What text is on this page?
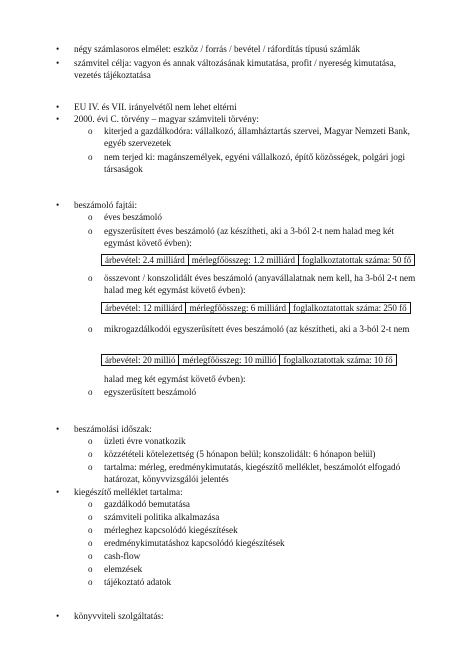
• négy számlasoros elmélet: eszköz / forrás / bevétel / ráfordítás típusú számlák
• számvitel célja: vagyon és annak változásának kimutatása, profit / nyereség kimutatása,
vezetés tájékoztatása
• EU IV. és VII. irányelvétől nem lehet eltérni
• 2000. évi C. törvény – magyar számviteli törvény:
o kiterjed a gazdálkodóra: vállalkozó, államháztartás szervei, Magyar Nemzeti Bank,
egyéb szervezetek
o nem terjed ki: magánszemélyek, egyéni vállalkozó, építő közösségek, polgári jogi
társaságok
• beszámoló fajtái:
o éves beszámoló
o egyszerűsített éves beszámoló (az készítheti, aki a 3-ból 2-t nem halad meg két
egymást követő évben):
árbevétel: 2.4 milliárd	mérlegfőösszeg: 1.2 milliárd	foglalkoztatottak száma: 50 fő
o összevont / konszolidált éves beszámoló (anyavállalatnak nem kell, ha 3-ból 2-t nem
halad meg két egymást követő évben):
árbevétel: 12 milliárd	mérlegfőösszeg: 6 milliárd	foglalkoztatottak száma: 250 fő
o mikrogazdálkodói egyszerűsített éves beszámoló (az készítheti, aki a 3-ból 2-t nem
árbevétel: 20 millió	mérlegfőösszeg: 10 millió	foglalkoztatottak száma: 10 fő
halad meg két egymást követő évben):
o egyszerűsített beszámoló
• beszámolási időszak:
o üzleti évre vonatkozik
o közzétételi kötelezettség (5 hónapon belül; konszolidált: 6 hónapon belül)
o tartalma: mérleg, eredménykimutatás, kiegészítő melléklet, beszámolót elfogadó
határozat, könyvvizsgálói jelentés
• kiegészítő melléklet tartalma:
o gazdálkodó bemutatása
o számviteli politika alkalmazása
o mérleghez kapcsolódó kiegészítések
o eredménykimutatáshoz kapcsolódó kiegészítések
o cash-flow
o elemzések
o tájékoztató adatok
• könyvviteli szolgáltatás:
